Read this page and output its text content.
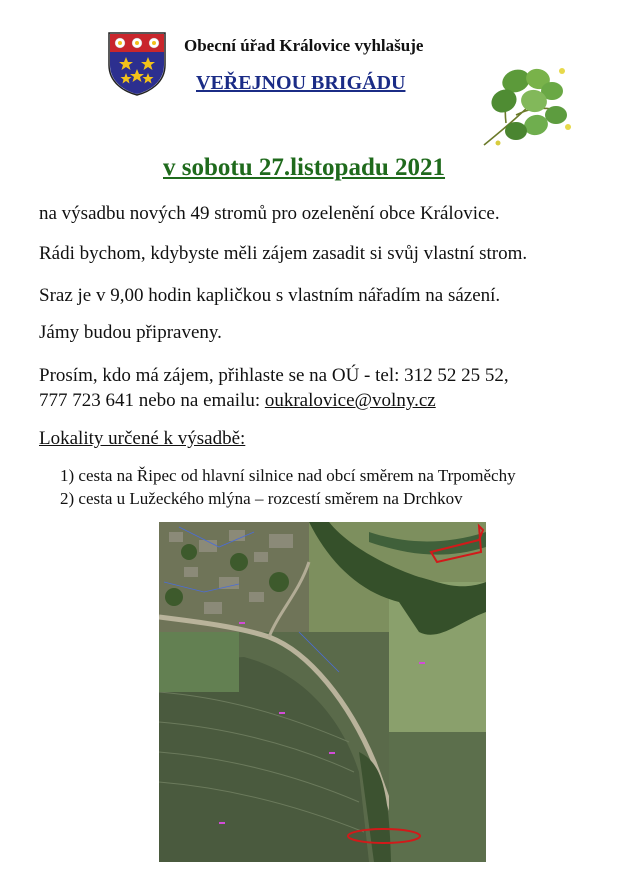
Obecní úřad Královice vyhlašuje
VEŘEJNOU BRIGÁDU
v sobotu 27.listopadu 2021
na výsadbu nových 49 stromů pro ozelenění obce Královice.
Rádi bychom, kdybyste měli zájem zasadit si svůj vlastní strom.
Sraz je v 9,00 hodin kapličkou s vlastním nářadím na sázení.
Jámy budou připraveny.
Prosím, kdo má zájem, přihlaste se na OÚ - tel: 312 52 25 52,
777 723 641 nebo na emailu: oukralovice@volny.cz
Lokality určené k výsadbě:
1) cesta na Řipec od hlavní silnice nad obcí směrem na Trpoměchy
2) cesta u Lužeckého mlýna – rozcestí směrem na Drchkov
